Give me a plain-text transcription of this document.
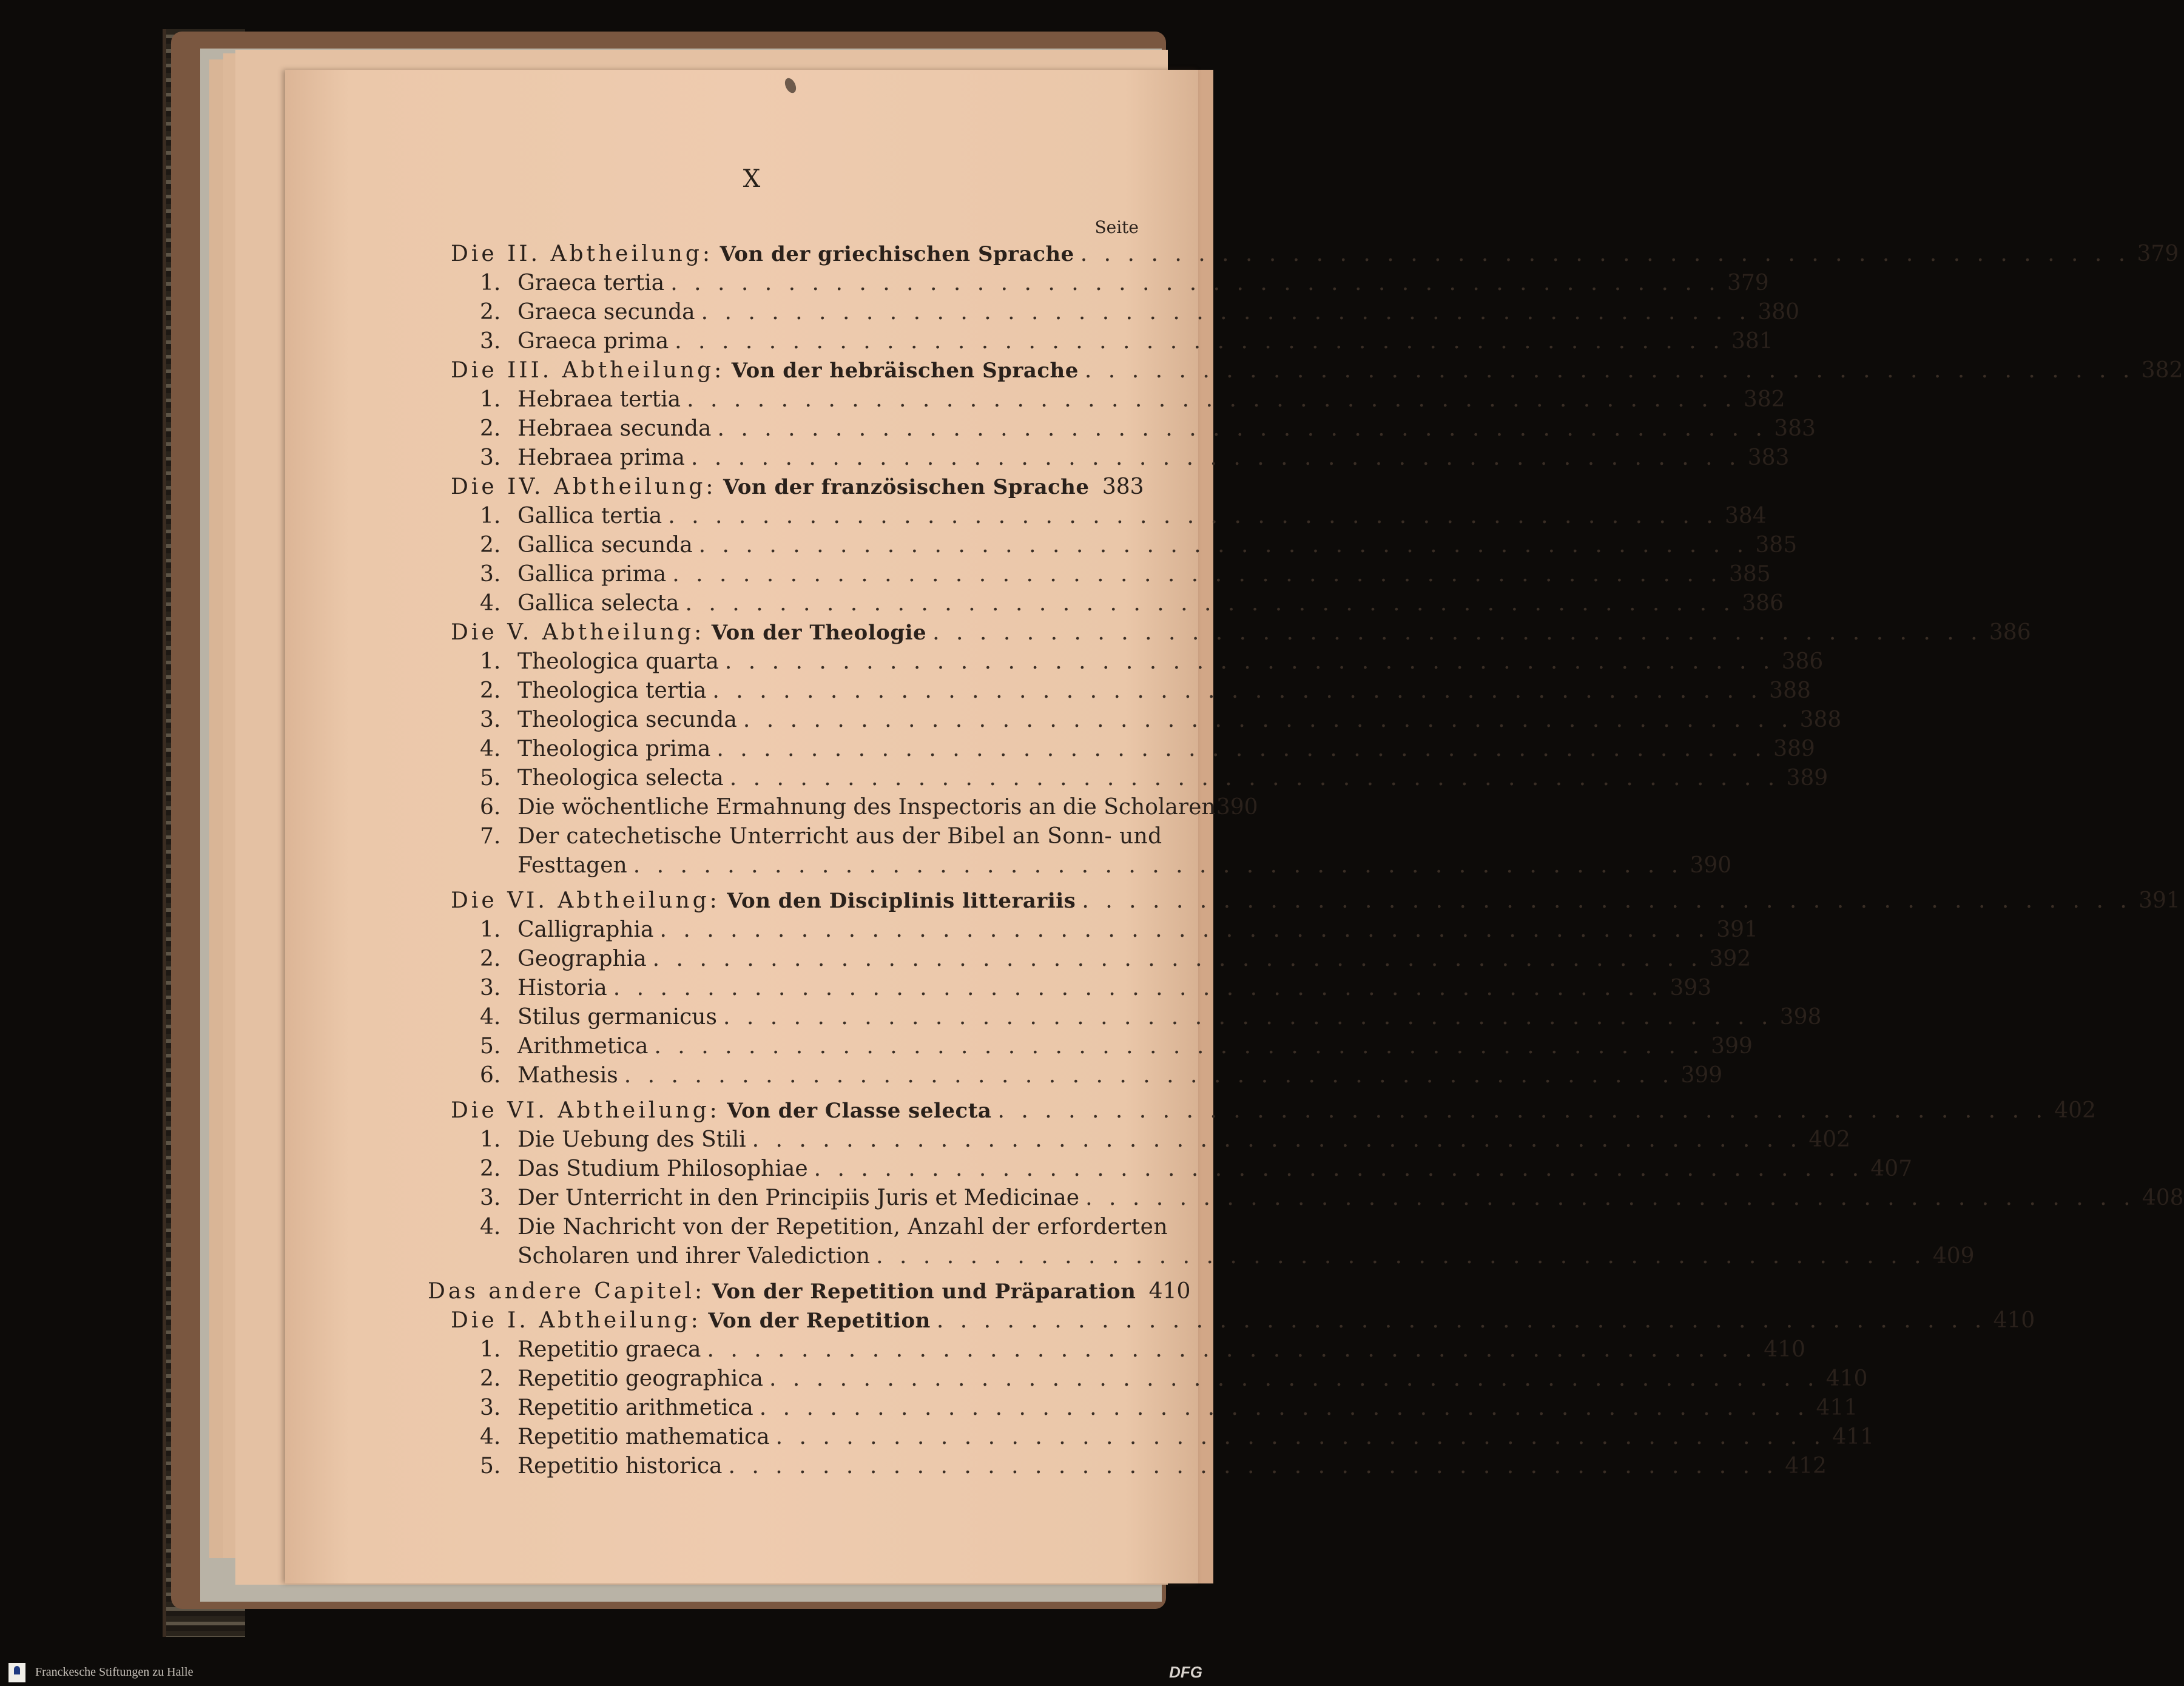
X
Seite
Die II. Abtheilung: Von der griechischen Sprache . . . . . . . . . . . . . . . . . . . . . . . . . . . . . . . . . . . . . . . . . . . . . 379
1. Graeca tertia . . . . . . . . . . . . . . . . . . . . . . . . . . . . . . . . . . . . . . . . . . . . . 379
2. Graeca secunda . . . . . . . . . . . . . . . . . . . . . . . . . . . . . . . . . . . . . . . . . . . . . 380
3. Graeca prima . . . . . . . . . . . . . . . . . . . . . . . . . . . . . . . . . . . . . . . . . . . . . 381
Die III. Abtheilung: Von der hebräischen Sprache . . . . . . . . . . . . . . . . . . . . . . . . . . . . . . . . . . . . . . . . . . . . . 382
1. Hebraea tertia . . . . . . . . . . . . . . . . . . . . . . . . . . . . . . . . . . . . . . . . . . . . . 382
2. Hebraea secunda . . . . . . . . . . . . . . . . . . . . . . . . . . . . . . . . . . . . . . . . . . . . . 383
3. Hebraea prima . . . . . . . . . . . . . . . . . . . . . . . . . . . . . . . . . . . . . . . . . . . . . 383
Die IV. Abtheilung: Von der französischen Sprache 383
1. Gallica tertia . . . . . . . . . . . . . . . . . . . . . . . . . . . . . . . . . . . . . . . . . . . . . 384
2. Gallica secunda . . . . . . . . . . . . . . . . . . . . . . . . . . . . . . . . . . . . . . . . . . . . . 385
3. Gallica prima . . . . . . . . . . . . . . . . . . . . . . . . . . . . . . . . . . . . . . . . . . . . . 385
4. Gallica selecta . . . . . . . . . . . . . . . . . . . . . . . . . . . . . . . . . . . . . . . . . . . . . 386
Die V. Abtheilung: Von der Theologie . . . . . . . . . . . . . . . . . . . . . . . . . . . . . . . . . . . . . . . . . . . . . 386
1. Theologica quarta . . . . . . . . . . . . . . . . . . . . . . . . . . . . . . . . . . . . . . . . . . . . . 386
2. Theologica tertia . . . . . . . . . . . . . . . . . . . . . . . . . . . . . . . . . . . . . . . . . . . . . 388
3. Theologica secunda . . . . . . . . . . . . . . . . . . . . . . . . . . . . . . . . . . . . . . . . . . . . . 388
4. Theologica prima . . . . . . . . . . . . . . . . . . . . . . . . . . . . . . . . . . . . . . . . . . . . . 389
5. Theologica selecta . . . . . . . . . . . . . . . . . . . . . . . . . . . . . . . . . . . . . . . . . . . . . 389
6. Die wöchentliche Ermahnung des Inspectoris an die Scholaren 390
7. Der catechetische Unterricht aus der Bibel an Sonn- und
Festtagen . . . . . . . . . . . . . . . . . . . . . . . . . . . . . . . . . . . . . . . . . . . . . 390
Die VI. Abtheilung: Von den Disciplinis litterariis . . . . . . . . . . . . . . . . . . . . . . . . . . . . . . . . . . . . . . . . . . . . . 391
1. Calligraphia . . . . . . . . . . . . . . . . . . . . . . . . . . . . . . . . . . . . . . . . . . . . . 391
2. Geographia . . . . . . . . . . . . . . . . . . . . . . . . . . . . . . . . . . . . . . . . . . . . . 392
3. Historia . . . . . . . . . . . . . . . . . . . . . . . . . . . . . . . . . . . . . . . . . . . . . 393
4. Stilus germanicus . . . . . . . . . . . . . . . . . . . . . . . . . . . . . . . . . . . . . . . . . . . . . 398
5. Arithmetica . . . . . . . . . . . . . . . . . . . . . . . . . . . . . . . . . . . . . . . . . . . . . 399
6. Mathesis . . . . . . . . . . . . . . . . . . . . . . . . . . . . . . . . . . . . . . . . . . . . . 399
Die VI. Abtheilung: Von der Classe selecta . . . . . . . . . . . . . . . . . . . . . . . . . . . . . . . . . . . . . . . . . . . . . 402
1. Die Uebung des Stili . . . . . . . . . . . . . . . . . . . . . . . . . . . . . . . . . . . . . . . . . . . . . 402
2. Das Studium Philosophiae . . . . . . . . . . . . . . . . . . . . . . . . . . . . . . . . . . . . . . . . . . . . . 407
3. Der Unterricht in den Principiis Juris et Medicinae . . . . . . . . . . . . . . . . . . . . . . . . . . . . . . . . . . . . . . . . . . . . . 408
4. Die Nachricht von der Repetition, Anzahl der erforderten
Scholaren und ihrer Valediction . . . . . . . . . . . . . . . . . . . . . . . . . . . . . . . . . . . . . . . . . . . . . 409
Das andere Capitel: Von der Repetition und Präparation 410
Die I. Abtheilung: Von der Repetition . . . . . . . . . . . . . . . . . . . . . . . . . . . . . . . . . . . . . . . . . . . . . 410
1. Repetitio graeca . . . . . . . . . . . . . . . . . . . . . . . . . . . . . . . . . . . . . . . . . . . . . 410
2. Repetitio geographica . . . . . . . . . . . . . . . . . . . . . . . . . . . . . . . . . . . . . . . . . . . . . 410
3. Repetitio arithmetica . . . . . . . . . . . . . . . . . . . . . . . . . . . . . . . . . . . . . . . . . . . . . 411
4. Repetitio mathematica . . . . . . . . . . . . . . . . . . . . . . . . . . . . . . . . . . . . . . . . . . . . . 411
5. Repetitio historica . . . . . . . . . . . . . . . . . . . . . . . . . . . . . . . . . . . . . . . . . . . . . 412
Franckesche Stiftungen zu Halle	DFG
